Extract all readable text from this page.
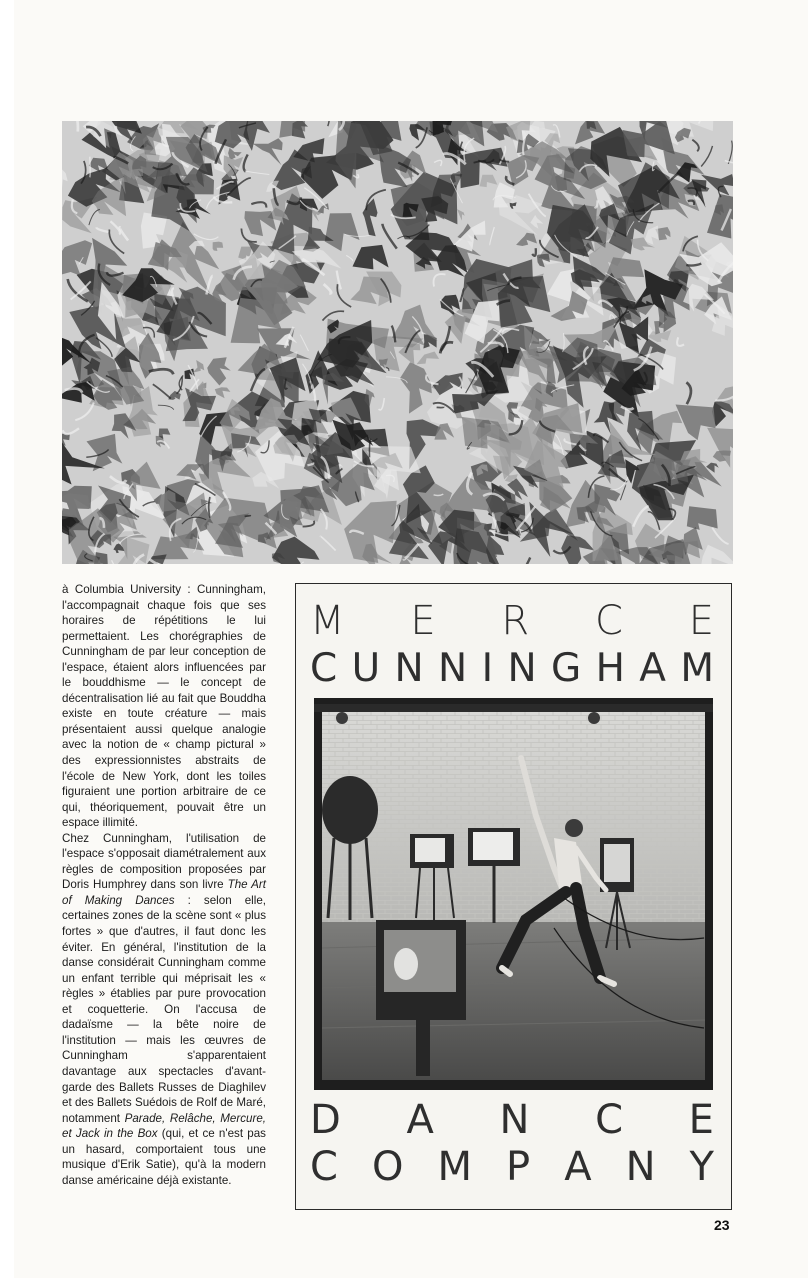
à Columbia University : Cunningham, l'accompagnait chaque fois que ses horaires de répétitions le lui permettaient. Les chorégraphies de Cunningham de par leur conception de l'espace, étaient alors influencées par le bouddhisme — le concept de décentralisation lié au fait que Bouddha existe en toute créature — mais présentaient aussi quelque analogie avec la notion de « champ pictural » des expressionnistes abstraits de l'école de New York, dont les toiles figuraient une portion arbitraire de ce qui, théoriquement, pouvait être un espace illimité.

Chez Cunningham, l'utilisation de l'espace s'opposait diamétralement aux règles de composition proposées par Doris Humphrey dans son livre The Art of Making Dances : selon elle, certaines zones de la scène sont « plus fortes » que d'autres, il faut donc les éviter. En général, l'institution de la danse considérait Cunningham comme un enfant terrible qui méprisait les « règles » établies par pure provocation et coquetterie. On l'accusa de dadaïsme — la bête noire de l'institution — mais les œuvres de Cunningham s'apparentaient davantage aux spectacles d'avant-garde des Ballets Russes de Diaghilev et des Ballets Suédois de Rolf de Maré, notamment Parade, Relâche, Mercure, et Jack in the Box (qui, et ce n'est pas un hasard, comportaient tous une musique d'Erik Satie), qu'à la modern danse américaine déjà existante.

M E R C E
C U N N I N G H A M
D A N C E
C O M P A N Y
23
